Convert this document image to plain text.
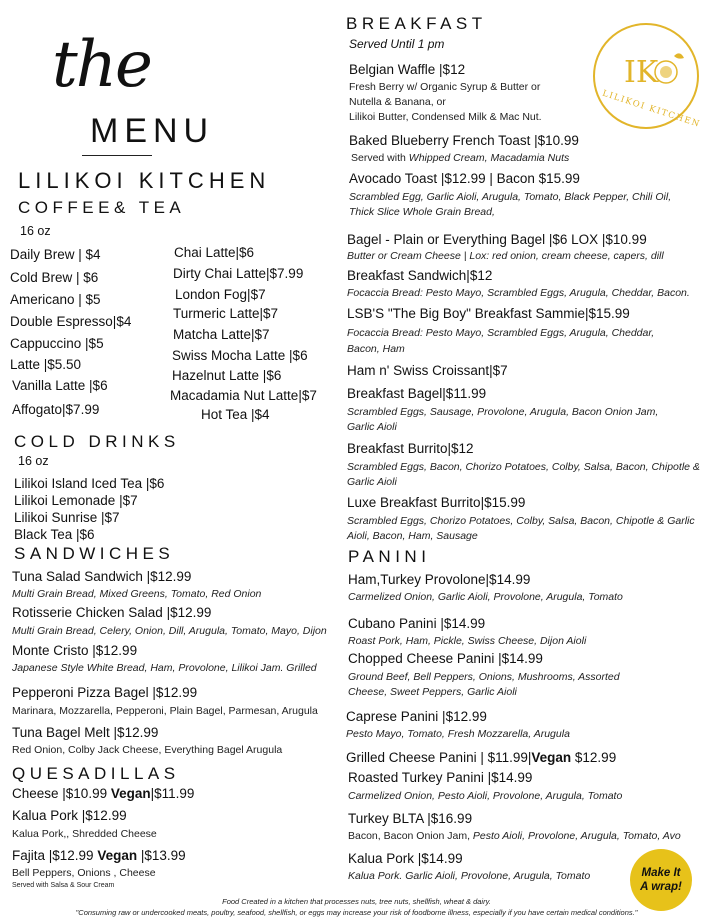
the
MENU
LILIKOI KITCHEN
IK
LILIKOI KITCHEN
COFFEE& TEA
16 oz
Daily Brew | $4
Cold Brew | $6
Americano | $5
Double Espresso|$4
Cappuccino |$5
Latte |$5.50
Vanilla Latte |$6
Affogato|$7.99
Chai Latte|$6
Dirty Chai Latte|$7.99
London Fog|$7
Turmeric Latte|$7
Matcha Latte|$7
Swiss Mocha Latte |$6
Hazelnut Latte |$6
Macadamia Nut Latte|$7
Hot Tea |$4
COLD DRINKS
16 oz
Lilikoi Island Iced Tea |$6
Lilikoi Lemonade |$7
Lilikoi Sunrise |$7
Black Tea |$6
SANDWICHES
Tuna Salad Sandwich |$12.99
Multi Grain Bread, Mixed Greens, Tomato, Red Onion
Rotisserie Chicken Salad |$12.99
Multi Grain Bread, Celery, Onion, Dill, Arugula, Tomato, Mayo, Dijon
Monte Cristo |$12.99
Japanese Style White Bread, Ham, Provolone, Lilikoi Jam. Grilled
Pepperoni Pizza Bagel |$12.99
Marinara, Mozzarella, Pepperoni, Plain Bagel, Parmesan, Arugula
Tuna Bagel Melt |$12.99
Red Onion, Colby Jack Cheese, Everything Bagel Arugula
QUESADILLAS
Cheese |$10.99 Vegan|$11.99
Kalua Pork |$12.99
Kalua Pork,, Shredded Cheese
Fajita |$12.99 Vegan |$13.99
Bell Peppers, Onions , Cheese
Served with Salsa & Sour Cream
BREAKFAST
Served Until 1 pm
Belgian Waffle |$12
Fresh Berry w/ Organic Syrup & Butter or
Nutella & Banana, or
Lilikoi Butter, Condensed Milk & Mac Nut.
Baked Blueberry French Toast |$10.99
Served with Whipped Cream, Macadamia Nuts
Avocado Toast |$12.99 | Bacon $15.99
Scrambled Egg, Garlic Aioli, Arugula, Tomato, Black Pepper, Chili Oil, Thick Slice Whole Grain Bread,
Bagel - Plain or Everything Bagel |$6 LOX |$10.99
Butter or Cream Cheese | Lox: red onion, cream cheese, capers, dill
Breakfast Sandwich|$12
Focaccia Bread: Pesto Mayo, Scrambled Eggs, Arugula, Cheddar, Bacon.
LSB'S "The Big Boy" Breakfast Sammie|$15.99
Focaccia Bread: Pesto Mayo, Scrambled Eggs, Arugula, Cheddar, Bacon, Ham
Ham n' Swiss Croissant|$7
Breakfast Bagel|$11.99
Scrambled Eggs, Sausage, Provolone, Arugula, Bacon Onion Jam, Garlic Aioli
Breakfast Burrito|$12
Scrambled Eggs, Bacon, Chorizo Potatoes, Colby, Salsa, Bacon, Chipotle & Garlic Aioli
Luxe Breakfast Burrito|$15.99
Scrambled Eggs, Chorizo Potatoes, Colby, Salsa, Bacon, Chipotle & Garlic Aioli, Bacon, Ham, Sausage
PANINI
Ham,Turkey Provolone|$14.99
Carmelized Onion, Garlic Aioli, Provolone, Arugula, Tomato
Cubano Panini |$14.99
Roast Pork, Ham, Pickle, Swiss Cheese, Dijon Aioli
Chopped Cheese Panini |$14.99
Ground Beef, Bell Peppers, Onions, Mushrooms, Assorted Cheese, Sweet Peppers, Garlic Aioli
Caprese Panini |$12.99
Pesto Mayo, Tomato, Fresh Mozzarella, Arugula
Grilled Cheese Panini | $11.99|Vegan $12.99
Roasted Turkey Panini |$14.99
Carmelized Onion, Pesto Aioli, Provolone, Arugula, Tomato
Turkey BLTA |$16.99
Bacon, Bacon Onion Jam, Pesto Aioli, Provolone, Arugula, Tomato, Avo
Kalua Pork |$14.99
Kalua Pork. Garlic Aioli, Provolone, Arugula, Tomato	Make It
A wrap!
Food Created in a kitchen that processes nuts, tree nuts, shellfish, wheat & dairy.
"Consuming raw or undercooked meats, poultry, seafood, shellfish, or eggs may increase your risk of foodborne illness, especially if you have certain medical conditions."
